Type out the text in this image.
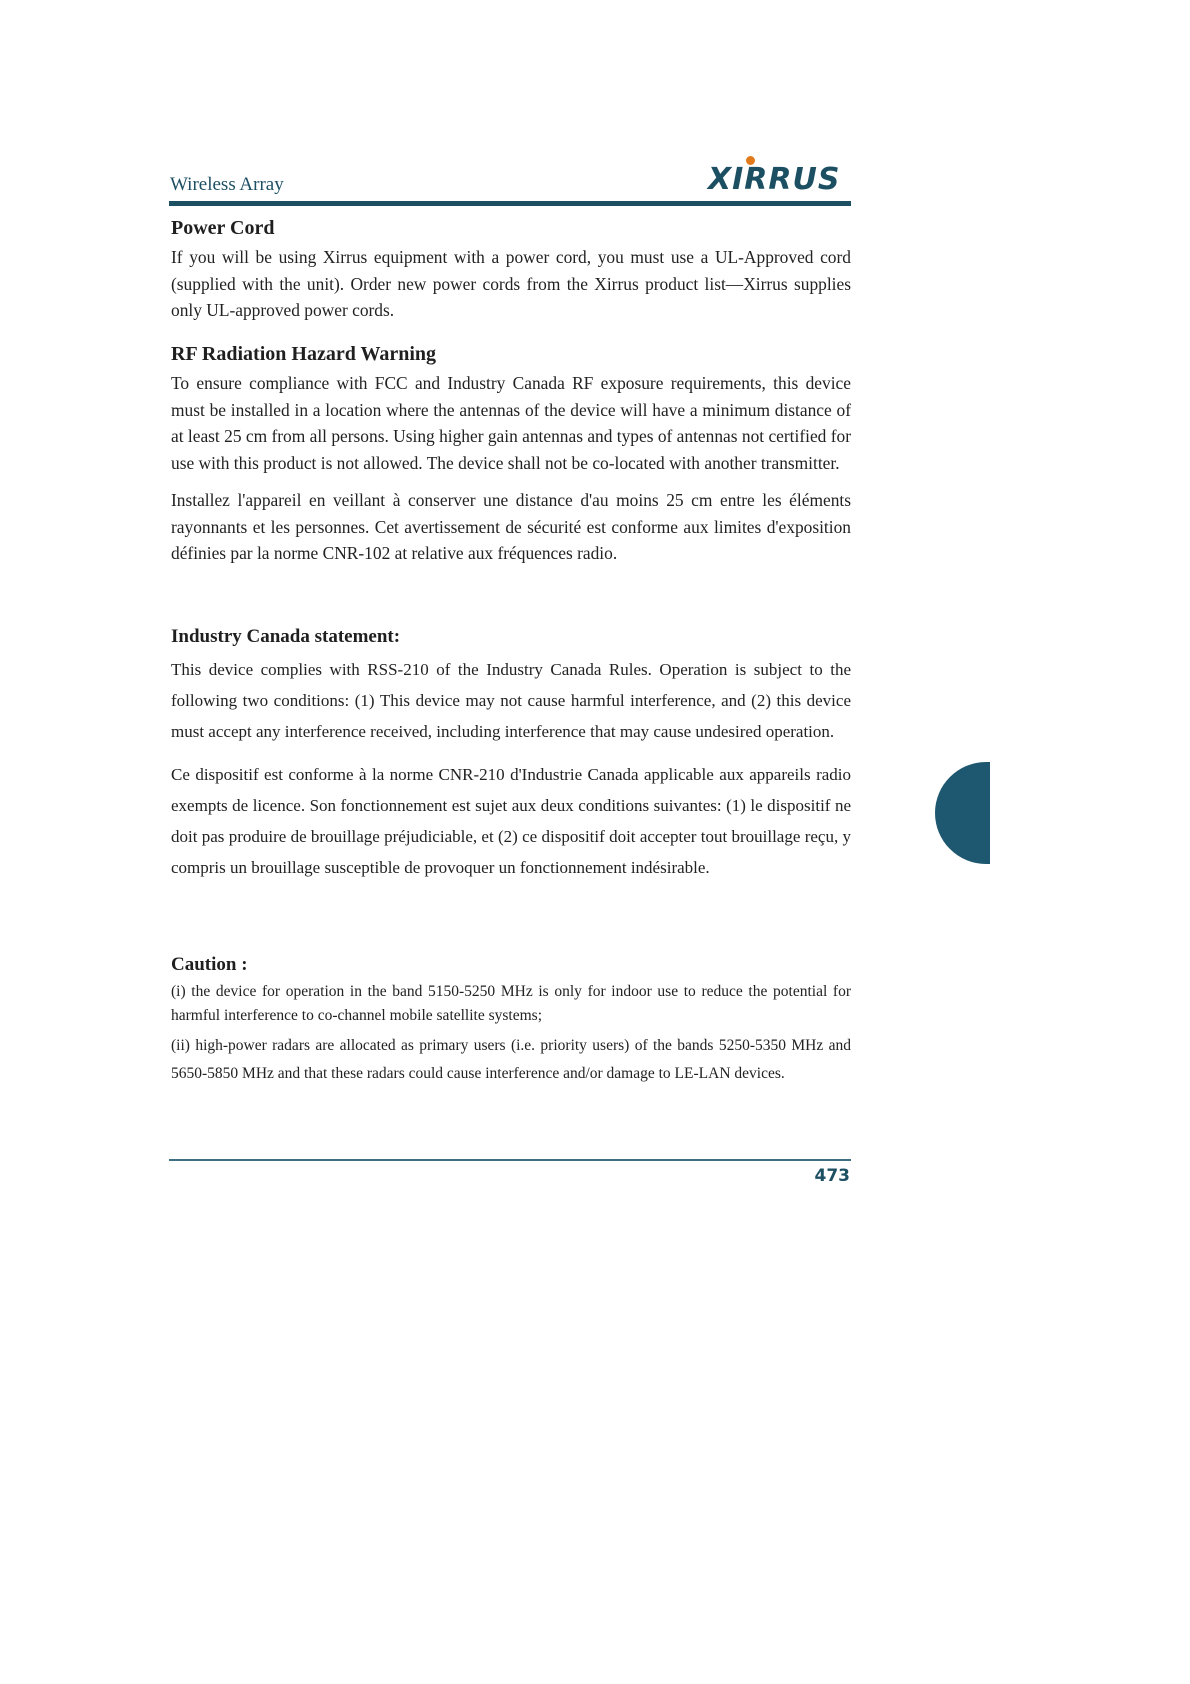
Wireless Array	XIRRUS
Power Cord

If you will be using Xirrus equipment with a power cord, you must use a UL-Approved cord (supplied with the unit). Order new power cords from the Xirrus product list—Xirrus supplies only UL-approved power cords.

RF Radiation Hazard Warning

To ensure compliance with FCC and Industry Canada RF exposure requirements, this device must be installed in a location where the antennas of the device will have a minimum distance of at least 25 cm from all persons. Using higher gain antennas and types of antennas not certified for use with this product is not allowed. The device shall not be co-located with another transmitter.

Installez l'appareil en veillant à conserver une distance d'au moins 25 cm entre les éléments rayonnants et les personnes. Cet avertissement de sécurité est conforme aux limites d'exposition définies par la norme CNR-102 at relative aux fréquences radio.

Industry Canada statement:

This device complies with RSS-210 of the Industry Canada Rules. Operation is subject to the following two conditions: (1) This device may not cause harmful interference, and (2) this device must accept any interference received, including interference that may cause undesired operation.

Ce dispositif est conforme à la norme CNR-210 d'Industrie Canada applicable aux appareils radio exempts de licence. Son fonctionnement est sujet aux deux conditions suivantes: (1) le dispositif ne doit pas produire de brouillage préjudiciable, et (2) ce dispositif doit accepter tout brouillage reçu, y compris un brouillage susceptible de provoquer un fonctionnement indésirable.

Caution :

(i) the device for operation in the band 5150-5250 MHz is only for indoor use to reduce the potential for harmful interference to co-channel mobile satellite systems;

(ii) high-power radars are allocated as primary users (i.e. priority users) of the bands 5250-5350 MHz and 5650-5850 MHz and that these radars could cause interference and/or damage to LE-LAN devices.

473
